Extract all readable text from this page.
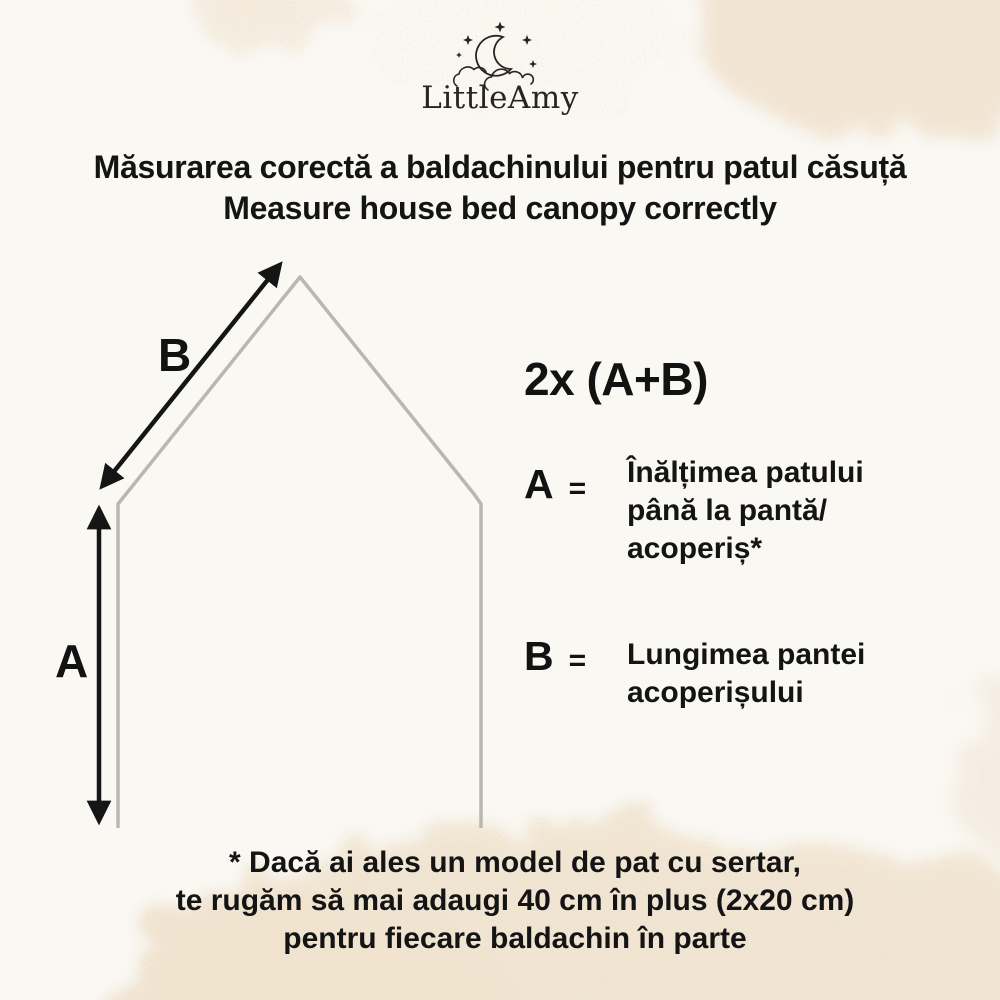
LittleAmy
Măsurarea corectă a baldachinului pentru patul căsuță
Measure house bed canopy correctly
B
A
2x (A+B)
A = Înălțimea patului
până la pantă/
acoperiș*
B = Lungimea pantei
acoperișului
* Dacă ai ales un model de pat cu sertar,
te rugăm să mai adaugi 40 cm în plus (2x20 cm)
pentru fiecare baldachin în parte
